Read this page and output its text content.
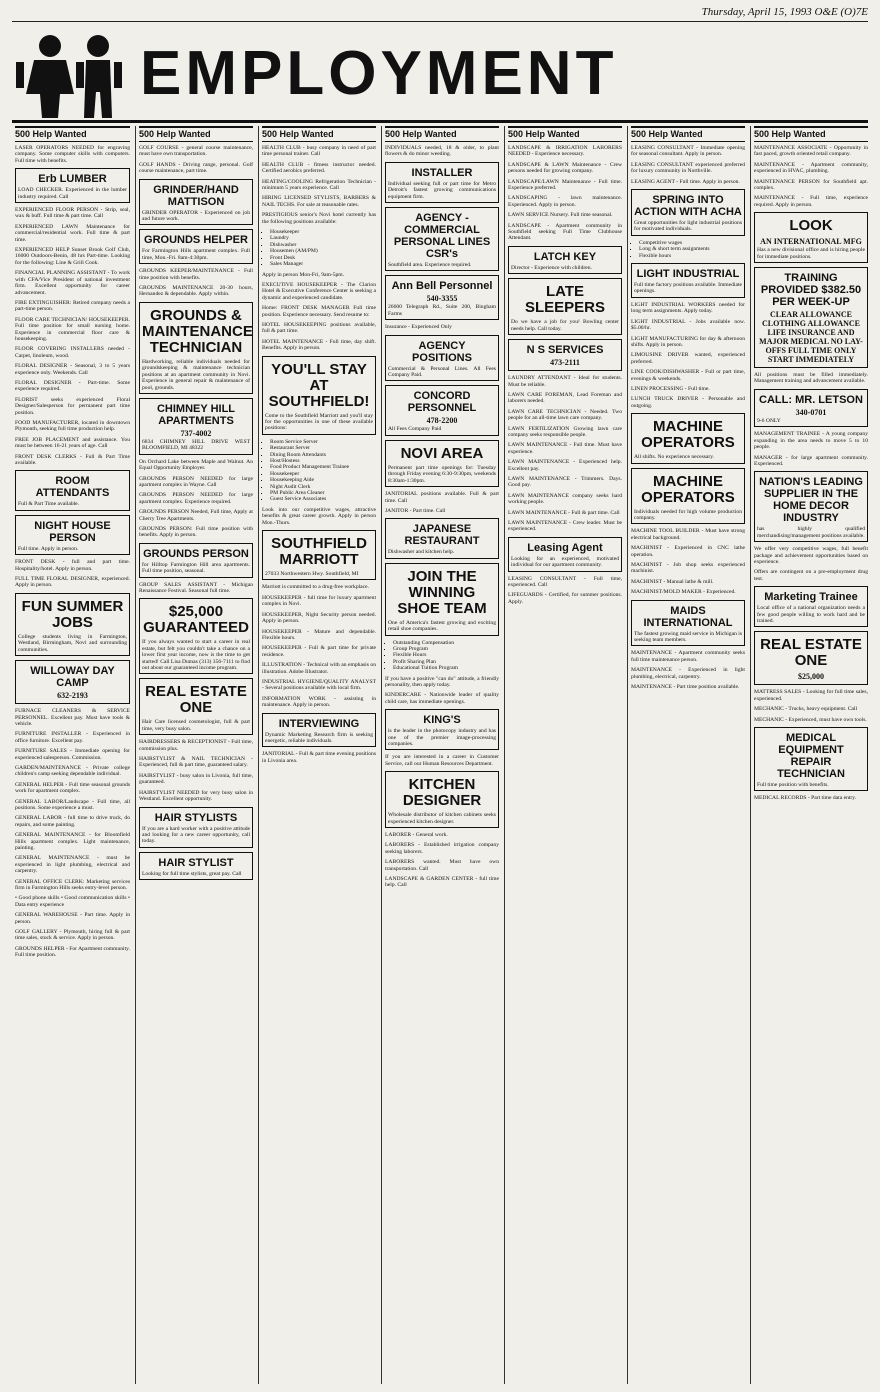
Thursday, April 15, 1993 O&E (O)7E
EMPLOYMENT
500 Help Wanted
LASER OPERATORS NEEDED for engraving company. Some computer skills with computers. Full time with benefits.
Erb LUMBER
LOAD CHECKER. Experienced in the lumber industry required. Call
EXPERIENCED FLOOR PERSON - Strip, seal, wax & buff. Full time & part time. Call
EXPERIENCED LAWN Maintenance for commercial/residential work. Full time & part time.
EXPERIENCED HELP Sunset Brook Golf Club, 16000 Outdoors-Benin, 48 hrs Part-time. Looking for the following: Line & Grill Cook.
FINANCIAL PLANNING ASSISTANT - To work with CFA/Vice President of national investment firm. Excellent opportunity for career advancement.
FIRE EXTINGUISHER: Retired company needs a part-time person.
FLOOR CARE TECHNICIAN/ HOUSEKEEPER. Full time position for small nursing home. Experience in commercial floor care & housekeeping.
FLOOR COVERING INSTALLERS needed - Carpet, linoleum, wood.
FLORAL DESIGNER - Seasonal, 3 to 5 years experience only. Weekends. Call
FLORAL DESIGNER - Part-time. Some experience required.
FLORIST seeks experienced Floral Designer/Salesperson for permanent part time position.
FOOD MANUFACTURER, located in downtown Plymouth, seeking full time production help.
FREE JOB PLACEMENT and assistance. You must be between 16-21 years of age. Call
FRONT DESK CLERKS - Full & Part Time available.
ROOM ATTENDANTS
Full & Part Time available.
NIGHT HOUSE PERSON
Full time. Apply in person.
FRONT DESK - full and part time. Hospitality/hotel. Apply in person.
FULL TIME FLORAL DESIGNER, experienced. Apply in person.
FUN SUMMER JOBS
College students living in Farmington, Westland, Birmingham, Novi and surrounding communities.
WILLOWAY DAY CAMP
632-2193
FURNACE CLEANERS & SERVICE PERSONNEL. Excellent pay. Must have tools & vehicle.
FURNITURE INSTALLER - Experienced in office furniture. Excellent pay.
FURNITURE SALES - Immediate opening for experienced salesperson. Commission.
GARDEN/MAINTENANCE - Private college children's camp seeking dependable individual.
GENERAL HELPER - Full time seasonal grounds work for apartment complex.
GENERAL LABOR/Landscape - Full time, all positions. Some experience a must.
GENERAL LABOR - full time to drive truck, do repairs, and some painting.
GENERAL MAINTENANCE - for Bloomfield Hills apartment complex. Light maintenance, painting.
GENERAL MAINTENANCE - must be experienced in light plumbing, electrical and carpentry.
GENERAL OFFICE CLERK: Marketing services firm in Farmington Hills seeks entry-level person.
• Good phone skills • Good communication skills • Data entry experience
GENERAL WAREHOUSE - Part time. Apply in person.
GOLF GALLERY - Plymouth, hiring full & part time sales, stock & service. Apply in person.
GROUNDS HELPER - For Apartment community. Full time position.
500 Help Wanted
GOLF COURSE - general course maintenance, must have own transportation.
GOLF HANDS - Driving range, personal. Golf course maintenance, part time.
GRINDER/HAND MATTISON
GRINDER OPERATOR - Experienced on job and future work.
GROUNDS HELPER
For Farmington Hills apartment complex. Full time, Mon.-Fri. 8am-4:30pm.
GROUNDS KEEPER/MAINTENANCE - Full time position with benefits.
GROUNDS MAINTENANCE 20-30 hours, Hernandez & dependable. Apply within.
GROUNDS & MAINTENANCE TECHNICIAN
Hardworking, reliable individuals needed for groundskeeping & maintenance technician positions at an apartment community in Novi. Experience in general repair & maintenance of pool, grounds.
CHIMNEY HILL APARTMENTS
737-4002
6834 CHIMNEY HILL DRIVE WEST BLOOMFIELD, MI 48322
On Orchard Lake between Maple and Walnut. An Equal Opportunity Employer.
GROUNDS PERSON NEEDED for large apartment complex in Wayne. Call
GROUNDS PERSON NEEDED for large apartment complex. Experience required.
GROUNDS PERSON Needed, Full time, Apply at Cherry Tree Apartments.
GROUNDS PERSON: Full time position with benefits. Apply in person.
GROUNDS PERSON
for Hilltop Farmington Hill area apartments. Full time position, seasonal.
GROUP SALES ASSISTANT - Michigan Renaissance Festival. Seasonal full time.
$25,000 GUARANTEED
If you always wanted to start a career in real estate, but felt you couldn't take a chance on a lower first year income, now is the time to get started! Call Lisa Dumas (313) 356-7111 to find out about our guaranteed income program.
REAL ESTATE ONE
Hair Care licensed cosmetologist, full & part time, very busy salon.
HAIRDRESSERS & RECEPTIONIST - Full time, commission plus.
HAIRSTYLIST & NAIL TECHNICIAN - Experienced, full & part time, guaranteed salary.
HAIRSTYLIST - busy salon in Livonia, full time, guaranteed.
HAIRSTYLIST NEEDED for very busy salon in Westland. Excellent opportunity.
HAIR STYLISTS
If you are a hard worker with a positive attitude and looking for a new career opportunity, call today.
HAIR STYLIST
Looking for full time stylists, great pay. Call
500 Help Wanted
HEALTH CLUB - busy company in need of part time personal trainer. Call
HEALTH CLUB - fitness instructor needed. Certified aerobics preferred.
HEATING/COOLING Refrigeration Technician - minimum 5 years experience. Call
HIRING LICENSED STYLISTS, BARBERS & NAIL TECHS. For sale at reasonable rates.
PRESTIGIOUS senior's Novi hotel currently has the following positions available:
▪ Housekeeper
▪ Laundry
▪ Dishwasher
▪ Housemen (AM/PM)
▪ Front Desk
▪ Sales Manager
Apply in person Mon-Fri, 9am-5pm.
EXECUTIVE HOUSEKEEPER - The Clarion Hotel & Executive Conference Center is seeking a dynamic and experienced candidate.
Home: FRONT DESK MANAGER Full time position. Experience necessary. Send resume to:
HOTEL HOUSEKEEPING positions available, full & part time.
HOTEL MAINTENANCE - Full time, day shift. Benefits. Apply in person.
YOU'LL STAY AT SOUTHFIELD!
Come to the Southfield Marriott and you'll stay for the opportunities in one of these available positions:
▪ Room Service Server
▪ Restaurant Server
▪ Dining Room Attendants
▪ Host/Hostess
▪ Food Product Management Trainee
▪ Housekeeper
▪ Housekeeping Aide
▪ Night Audit Clerk
▪ PM Public Area Cleaner
▪ Guest Service Associates
Look into our competitive wages, attractive benefits & great career growth. Apply in person Mon.-Thurs.
SOUTHFIELD MARRIOTT
27033 Northwestern Hwy. Southfield, MI
Marriott is committed to a drug-free workplace.
HOUSEKEEPER - full time for luxury apartment complex in Novi.
HOUSEKEEPER, Night Security person needed. Apply in person.
HOUSEKEEPER - Mature and dependable. Flexible hours.
HOUSEKEEPER - Full & part time for private residence.
ILLUSTRATION - Technical with an emphasis on illustration. Adobe Illustrator.
INDUSTRIAL HYGIENE/QUALITY ANALYST - Several positions available with local firm.
INFORMATION WORK - assisting in maintenance. Apply in person.
INTERVIEWING
Dynamic Marketing Research firm is seeking energetic, reliable individuals.
JANITORIAL - Full & part time evening positions in Livonia area.
500 Help Wanted
INDIVIDUALS needed, 18 & older, to plant flowers & do minor weeding.
INSTALLER
Individual seeking full or part time for Metro Detroit's fastest growing communications equipment firm.
AGENCY - COMMERCIAL PERSONAL LINES CSR's
Southfield area. Experience required.
Ann Bell Personnel
540-3355
26600 Telegraph Rd., Suite 200, Bingham Farms
Insurance - Experienced Only
AGENCY POSITIONS
Commercial & Personal Lines. All Fees Company Paid.
CONCORD PERSONNEL
478-2200
All Fees Company Paid
NOVI AREA
Permanent part time openings for: Tuesday through Friday evening 6:30-9:30pm, weekends 8:30am-1:30pm.
JANITORIAL positions available. Full & part time. Call
JANITOR - Part time. Call
JAPANESE RESTAURANT
Dishwasher and kitchen help.
JOIN THE WINNING SHOE TEAM
One of America's fastest growing and exciting retail shoe companies.
▪ Outstanding Compensation
▪ Group Program
▪ Flexible Hours
▪ Profit Sharing Plan
▪ Educational Tuition Program
If you have a positive "can do" attitude, a friendly personality, then apply today.
KINDERCARE - Nationwide leader of quality child care, has immediate openings.
KING'S
is the leader in the photocopy industry and has one of the premier image-processing companies.
If you are interested in a career in Customer Service, call our Human Resources Department.
KITCHEN DESIGNER
Wholesale distributor of kitchen cabinets seeks experienced kitchen designer.
LABORER - General work.
LABORERS - Established irrigation company seeking laborers.
LABORERS wanted. Must have own transportation. Call
LANDSCAPE & GARDEN CENTER - full time help. Call
500 Help Wanted
LANDSCAPE & IRRIGATION LABORERS NEEDED - Experience necessary.
LANDSCAPE & LAWN Maintenance - Crew persons needed for growing company.
LANDSCAPE/LAWN Maintenance - Full time. Experience preferred.
LANDSCAPING - lawn maintenance. Experienced. Apply in person.
LAWN SERVICE Nursery. Full time seasonal.
LANDSCAPE - Apartment community in Southfield seeking Full Time Clubhouse Attendant.
LATCH KEY
Director - Experience with children.
LATE SLEEPERS
Do we have a job for you! Bowling center needs help. Call today.
N S SERVICES
473-2111
LAUNDRY ATTENDANT - Ideal for students. Must be reliable.
LAWN CARE FOREMAN, Lead Foreman and laborers needed.
LAWN CARE TECHNICIAN - Needed. Two people for an all-time lawn care company.
LAWN FERTILIZATION Growing lawn care company seeks responsible people.
LAWN MAINTENANCE - Full time. Must have experience.
LAWN MAINTENANCE - Experienced help. Excellent pay.
LAWN MAINTENANCE - Trimmers. Days. Good pay.
LAWN MAINTENANCE company seeks hard working people.
LAWN MAINTENANCE - Full & part time. Call
LAWN MAINTENANCE - Crew leader. Must be experienced.
Leasing Agent
Looking for an experienced, motivated individual for our apartment community.
LEASING CONSULTANT - Full time, experienced. Call
LIFEGUARDS - Certified, for summer positions. Apply.
500 Help Wanted
LEASING CONSULTANT - Immediate opening for seasonal consultant. Apply in person.
LEASING CONSULTANT experienced preferred for luxury community in Northville.
LEASING AGENT - Full time. Apply in person.
SPRING INTO ACTION WITH ACHA
Great opportunities for light industrial positions for motivated individuals.
▪ Competitive wages
▪ Long & short term assignments
▪ Flexible hours
LIGHT INDUSTRIAL
Full time factory positions available. Immediate openings.
LIGHT INDUSTRIAL WORKERS needed for long term assignments. Apply today.
LIGHT INDUSTRIAL - Jobs available now. $5.00/hr.
LIGHT MANUFACTURING for day & afternoon shifts. Apply in person.
LIMOUSINE DRIVER wanted, experienced preferred.
LINE COOK/DISHWASHER - Full or part time, evenings & weekends.
LINEN PROCESSING - Full time.
LUNCH TRUCK DRIVER - Personable and outgoing.
MACHINE OPERATORS
All shifts. No experience necessary.
MACHINE OPERATORS
Individuals needed for high volume production company.
MACHINE TOOL BUILDER - Must have strong electrical background.
MACHINIST - Experienced in CNC lathe operation.
MACHINIST - Job shop seeks experienced machinist.
MACHINIST - Manual lathe & mill.
MACHINIST/MOLD MAKER - Experienced.
MAIDS INTERNATIONAL
The fastest growing maid service in Michigan is seeking team members.
MAINTENANCE - Apartment community seeks full time maintenance person.
MAINTENANCE - Experienced in light plumbing, electrical, carpentry.
MAINTENANCE - Part time position available.
500 Help Wanted
MAINTENANCE ASSOCIATE - Opportunity in fast paced, growth oriented retail company.
MAINTENANCE - Apartment community, experienced in HVAC, plumbing.
MAINTENANCE PERSON for Southfield apt. complex.
MAINTENANCE - Full time, experience required. Apply in person.
LOOK
AN INTERNATIONAL MFG
Has a new divisional office and is hiring people for immediate positions.
TRAINING PROVIDED $382.50 PER WEEK-UP
CLEAR ALLOWANCE CLOTHING ALLOWANCE LIFE INSURANCE AND MAJOR MEDICAL NO LAY-OFFS FULL TIME ONLY START IMMEDIATELY
All positions must be filled immediately. Management training and advancement available.
CALL: MR. LETSON
340-0701
9-6 ONLY
MANAGEMENT TRAINEE - A young company expanding in the area needs to move 5 to 10 people.
MANAGER - for large apartment community. Experienced.
NATION'S LEADING SUPPLIER IN THE HOME DECOR INDUSTRY
has highly qualified merchandising/management positions available.
We offer very competitive wages, full benefit package and achievement opportunities based on experience.
Offers are contingent on a pre-employment drug test.
Marketing Trainee
Local office of a national organization needs a few good people willing to work hard and be trained.
REAL ESTATE ONE
$25,000
MATTRESS SALES - Looking for full time sales, experienced.
MECHANIC - Trucks, heavy equipment. Call
MECHANIC - Experienced, must have own tools.
MEDICAL EQUIPMENT REPAIR TECHNICIAN
Full time position with benefits.
MEDICAL RECORDS - Part time data entry.
